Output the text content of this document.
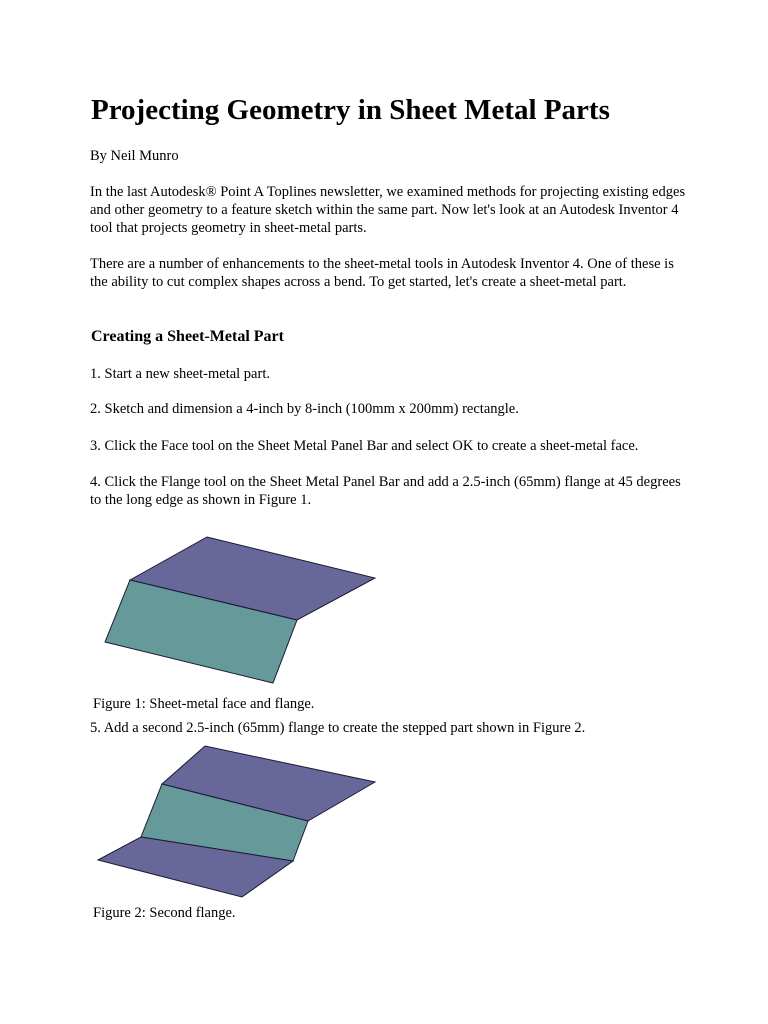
Projecting Geometry in Sheet Metal Parts

By Neil Munro

In the last Autodesk® Point A Toplines newsletter, we examined methods for projecting existing edges and other geometry to a feature sketch within the same part. Now let's look at an Autodesk Inventor 4 tool that projects geometry in sheet-metal parts.

There are a number of enhancements to the sheet-metal tools in Autodesk Inventor 4. One of these is the ability to cut complex shapes across a bend. To get started, let's create a sheet-metal part.

Creating a Sheet-Metal Part

1. Start a new sheet-metal part.

2. Sketch and dimension a 4-inch by 8-inch (100mm x 200mm) rectangle.

3. Click the Face tool on the Sheet Metal Panel Bar and select OK to create a sheet-metal face.

4. Click the Flange tool on the Sheet Metal Panel Bar and add a 2.5-inch (65mm) flange at 45 degrees to the long edge as shown in Figure 1.

Figure 1: Sheet-metal face and flange.

5. Add a second 2.5-inch (65mm) flange to create the stepped part shown in Figure 2.

Figure 2: Second flange.
